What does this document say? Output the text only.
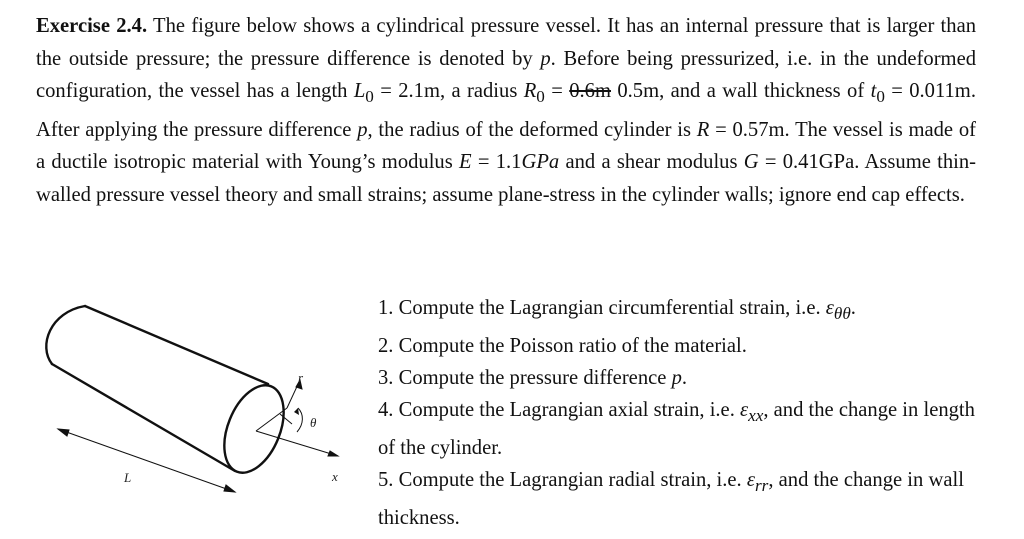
Exercise 2.4. The figure below shows a cylindrical pressure vessel. It has an internal pressure that is larger than the outside pressure; the pressure difference is denoted by p. Before being pressurized, i.e. in the undeformed configuration, the vessel has a length $L_0 = 2.1m$, a radius $R_0 = 0.6m$ 0.5m, and a wall thickness of $t_0 = 0.011m$. After applying the pressure difference p, the radius of the deformed cylinder is R = 0.57m. The vessel is made of a ductile isotropic material with Young’s modulus E = 1.1GPa and a shear modulus G = 0.41GPa. Assume thin-walled pressure vessel theory and small strains; assume plane-stress in the cylinder walls; ignore end cap effects.
L
r
θ
x
1. Compute the Lagrangian circumferential strain, i.e. $\varepsilon_{\theta\theta}$.
2. Compute the Poisson ratio of the material.
3. Compute the pressure difference p.
4. Compute the Lagrangian axial strain, i.e. $\varepsilon_{xx}$, and the change in length of the cylinder.
5. Compute the Lagrangian radial strain, i.e. $\varepsilon_{rr}$, and the change in wall thickness.
